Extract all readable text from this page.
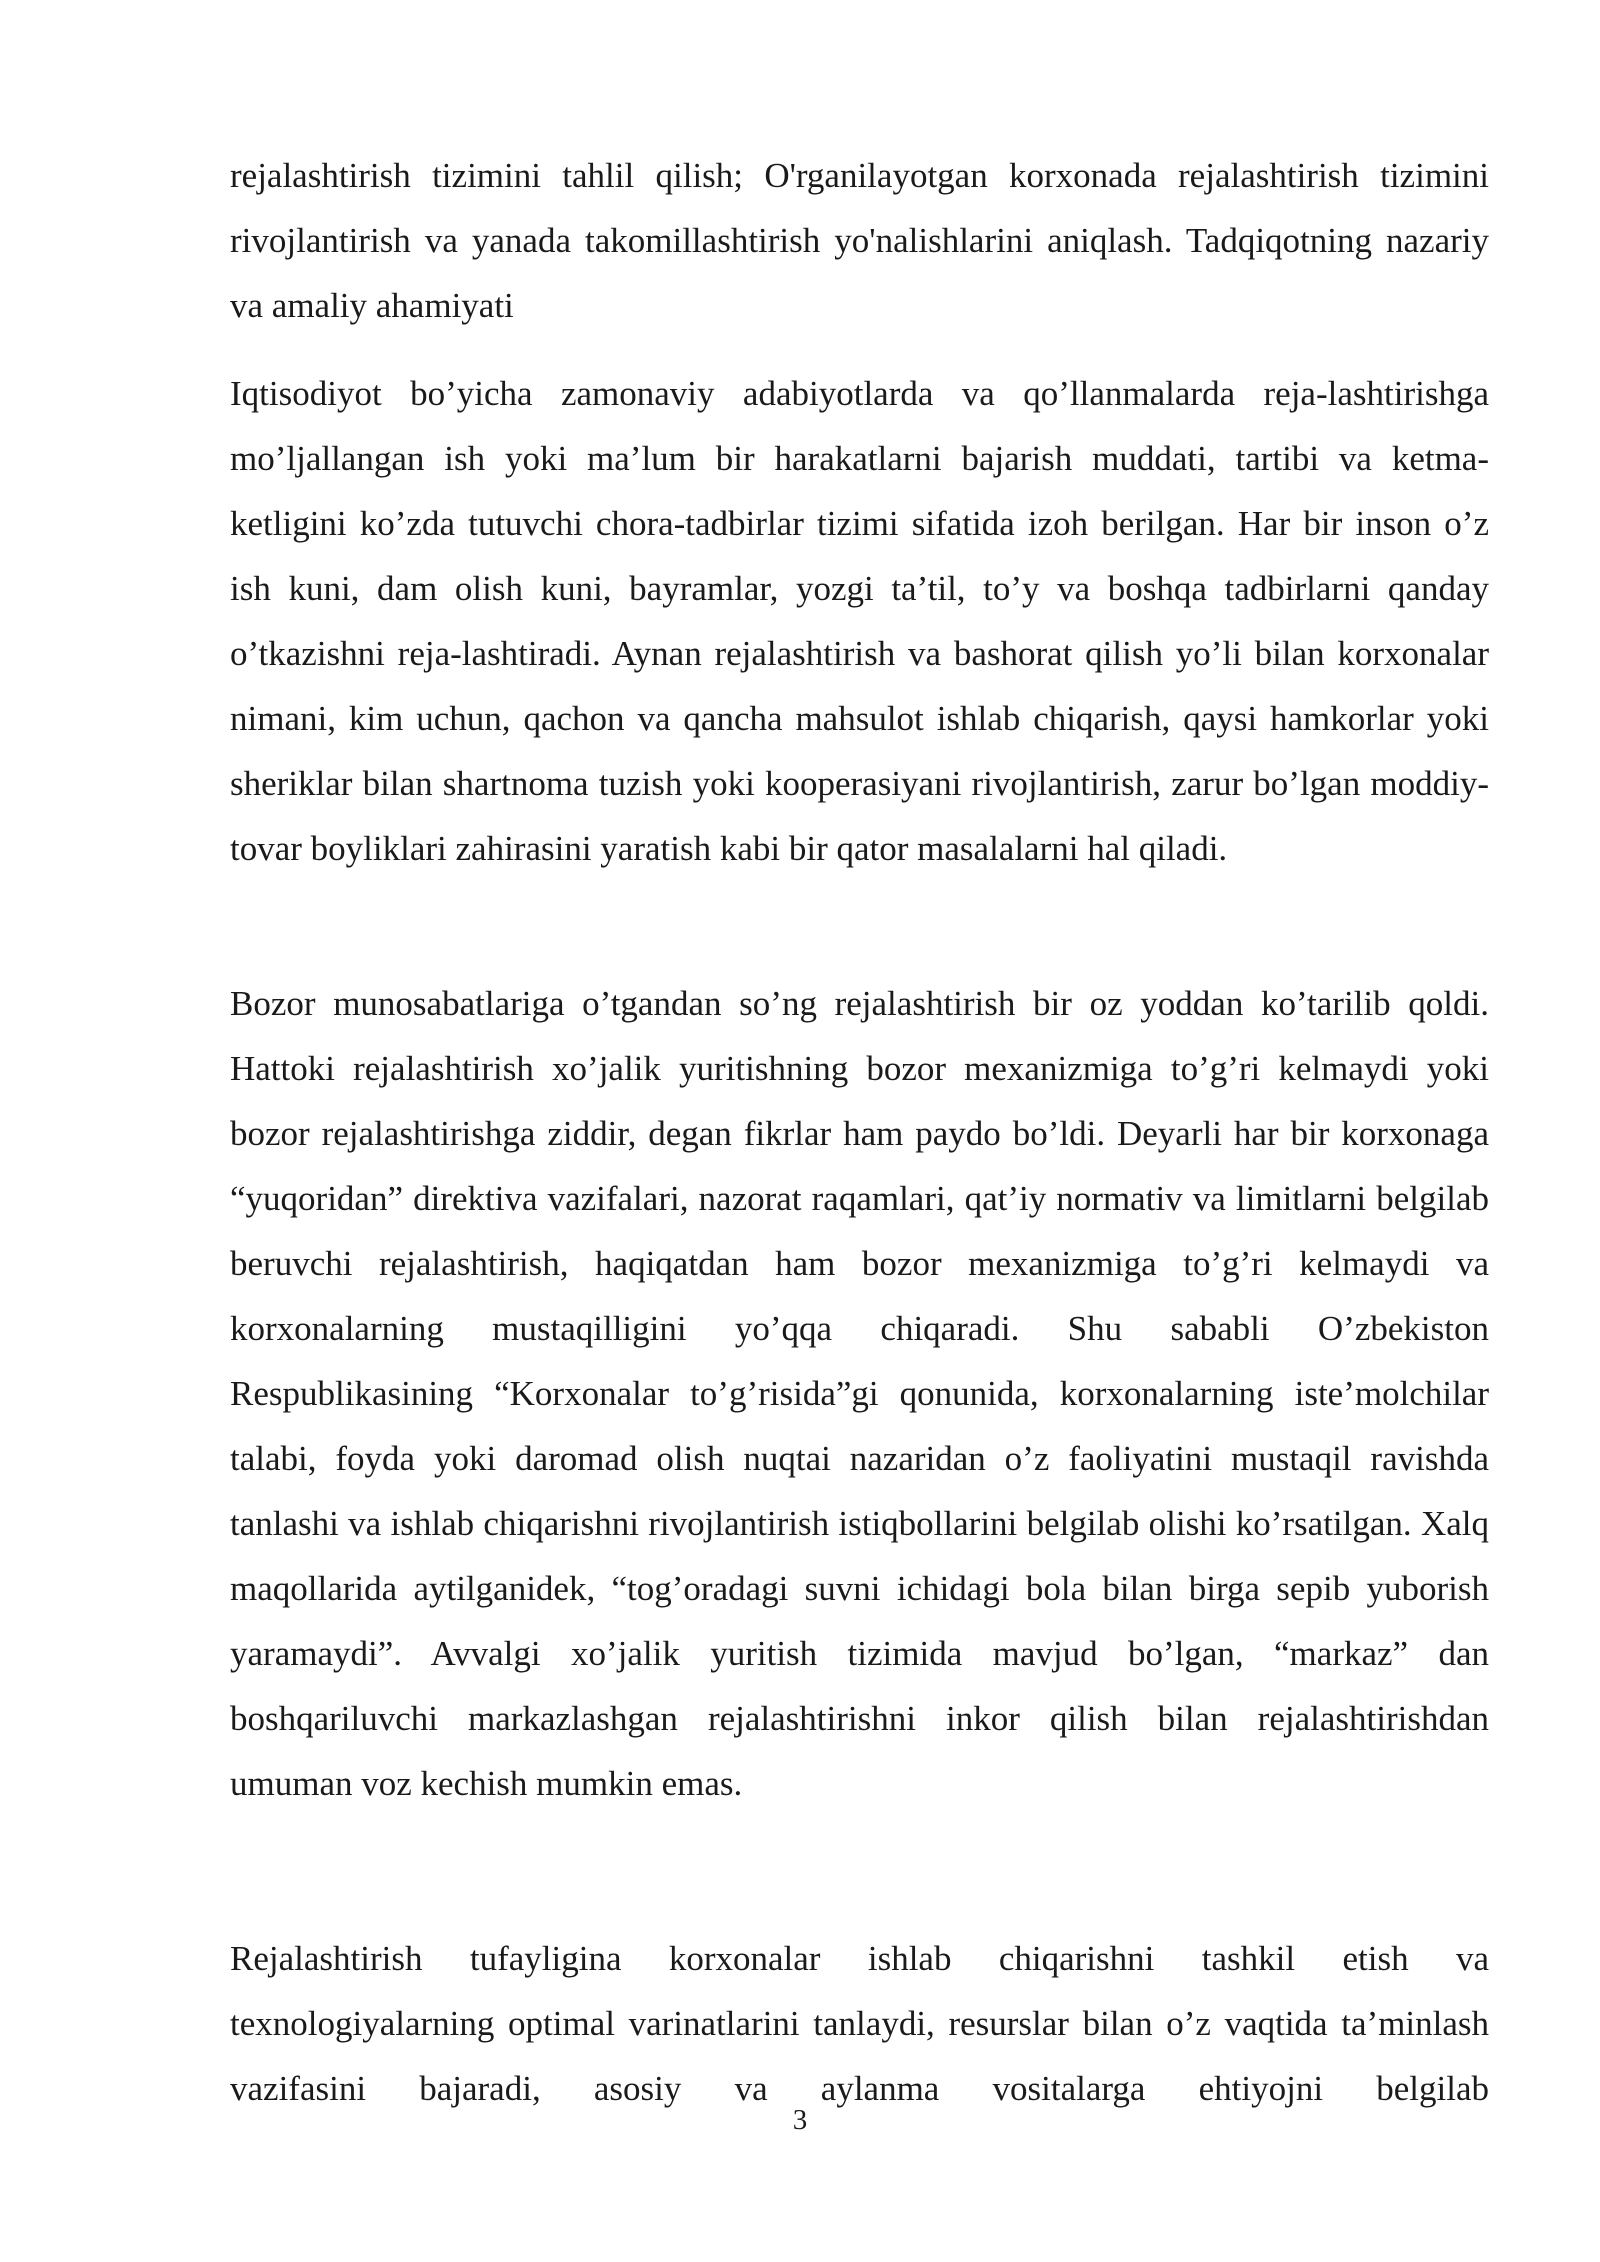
rejalashtirish tizimini tahlil qilish; O'rganilayotgan korxonada rejalashtirish tizimini rivojlantirish va yanada takomillashtirish yo'nalishlarini aniqlash. Tadqiqotning nazariy va amaliy ahamiyati

Iqtisodiyot bo’yicha zamonaviy adabiyotlarda va qo’llanmalarda reja-lashtirishga mo’ljallangan ish yoki ma’lum bir harakatlarni bajarish muddati, tartibi va ketma-ketligini ko’zda tutuvchi chora-tadbirlar tizimi sifatida izoh berilgan. Har bir inson o’z ish kuni, dam olish kuni, bayramlar, yozgi ta’til, to’y va boshqa tadbirlarni qanday o’tkazishni reja-lashtiradi. Aynan rejalashtirish va bashorat qilish yo’li bilan korxonalar nimani, kim uchun, qachon va qancha mahsulot ishlab chiqarish, qaysi hamkorlar yoki sheriklar bilan shartnoma tuzish yoki kooperasiyani rivojlantirish, zarur bo’lgan moddiy-tovar boyliklari zahirasini yaratish kabi bir qator masalalarni hal qiladi.

Bozor munosabatlariga o’tgandan so’ng rejalashtirish bir oz yoddan ko’tarilib qoldi. Hattoki rejalashtirish xo’jalik yuritishning bozor mexanizmiga to’g’ri kelmaydi yoki bozor rejalashtirishga ziddir, degan fikrlar ham paydo bo’ldi. Deyarli har bir korxonaga “yuqoridan” direktiva vazifalari, nazorat raqamlari, qat’iy normativ va limitlarni belgilab beruvchi rejalashtirish, haqiqatdan ham bozor mexanizmiga to’g’ri kelmaydi va korxonalarning mustaqilligini yo’qqa chiqaradi. Shu sababli O’zbekiston Respublikasining “Korxonalar to’g’risida”gi qonunida, korxonalarning iste’molchilar talabi, foyda yoki daromad olish nuqtai nazaridan o’z faoliyatini mustaqil ravishda tanlashi va ishlab chiqarishni rivojlantirish istiqbollarini belgilab olishi ko’rsatilgan. Xalq maqollarida aytilganidek, “tog’oradagi suvni ichidagi bola bilan birga sepib yuborish yaramaydi”. Avvalgi xo’jalik yuritish tizimida mavjud bo’lgan, “markaz” dan boshqariluvchi markazlashgan rejalashtirishni inkor qilish bilan rejalashtirishdan umuman voz kechish mumkin emas.

Rejalashtirish tufayligina korxonalar ishlab chiqarishni tashkil etish va texnologiyalarning optimal varinatlarini tanlaydi, resurslar bilan o’z vaqtida ta’minlash vazifasini bajaradi, asosiy va aylanma vositalarga ehtiyojni belgilab

3
